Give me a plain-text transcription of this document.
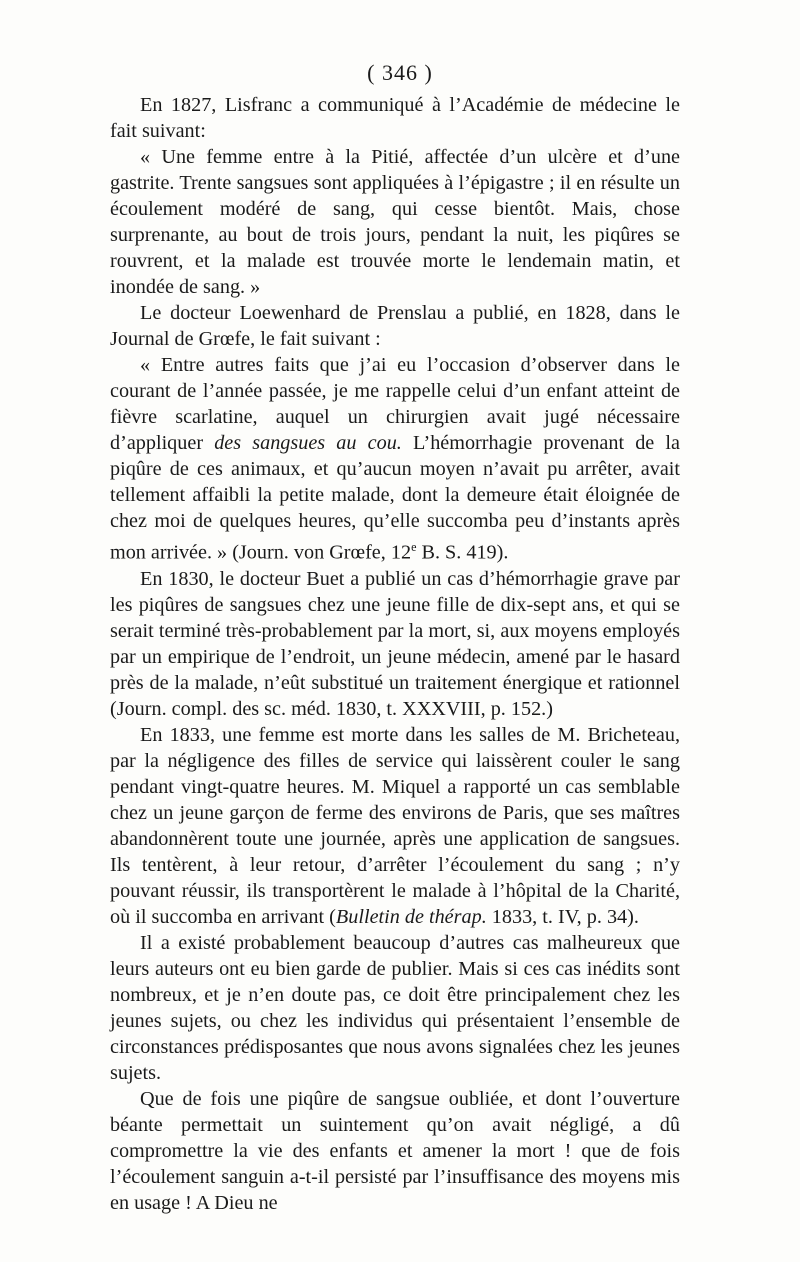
( 346 )

En 1827, Lisfranc a communiqué à l’Académie de médecine le fait suivant:

« Une femme entre à la Pitié, affectée d’un ulcère et d’une gastrite. Trente sangsues sont appliquées à l’épigastre ; il en résulte un écoulement modéré de sang, qui cesse bientôt. Mais, chose surprenante, au bout de trois jours, pendant la nuit, les piqûres se rouvrent, et la malade est trouvée morte le lendemain matin, et inondée de sang. »

Le docteur Loewenhard de Prenslau a publié, en 1828, dans le Journal de Grœfe, le fait suivant :

« Entre autres faits que j’ai eu l’occasion d’observer dans le courant de l’année passée, je me rappelle celui d’un enfant atteint de fièvre scarlatine, auquel un chirurgien avait jugé nécessaire d’appliquer des sangsues au cou. L’hémorrhagie provenant de la piqûre de ces animaux, et qu’aucun moyen n’avait pu arrêter, avait tellement affaibli la petite malade, dont la demeure était éloignée de chez moi de quelques heures, qu’elle succomba peu d’instants après mon arrivée. » (Journ. von Grœfe, 12e B. S. 419).

En 1830, le docteur Buet a publié un cas d’hémorrhagie grave par les piqûres de sangsues chez une jeune fille de dix-sept ans, et qui se serait terminé très-probablement par la mort, si, aux moyens employés par un empirique de l’endroit, un jeune médecin, amené par le hasard près de la malade, n’eût substitué un traitement énergique et rationnel (Journ. compl. des sc. méd. 1830, t. XXXVIII, p. 152.)

En 1833, une femme est morte dans les salles de M. Bricheteau, par la négligence des filles de service qui laissèrent couler le sang pendant vingt-quatre heures. M. Miquel a rapporté un cas semblable chez un jeune garçon de ferme des environs de Paris, que ses maîtres abandonnèrent toute une journée, après une application de sangsues. Ils tentèrent, à leur retour, d’arrêter l’écoulement du sang ; n’y pouvant réussir, ils transportèrent le malade à l’hôpital de la Charité, où il succomba en arrivant (Bulletin de thérap. 1833, t. IV, p. 34).

Il a existé probablement beaucoup d’autres cas malheureux que leurs auteurs ont eu bien garde de publier. Mais si ces cas inédits sont nombreux, et je n’en doute pas, ce doit être principalement chez les jeunes sujets, ou chez les individus qui présentaient l’ensemble de circonstances prédisposantes que nous avons signalées chez les jeunes sujets.

Que de fois une piqûre de sangsue oubliée, et dont l’ouverture béante permettait un suintement qu’on avait négligé, a dû compromettre la vie des enfants et amener la mort ! que de fois l’écoulement sanguin a-t-il persisté par l’insuffisance des moyens mis en usage ! A Dieu ne
